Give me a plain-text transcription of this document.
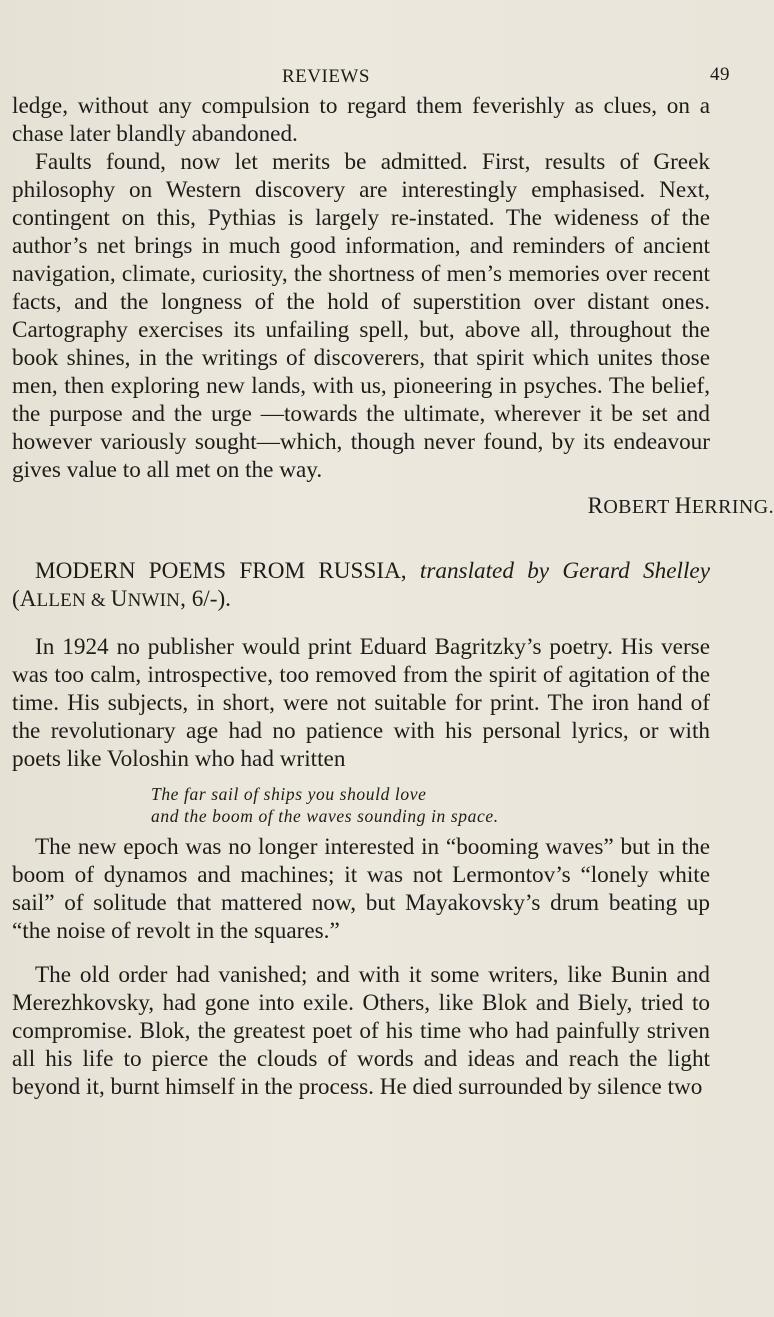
REVIEWS	49

ledge, without any compulsion to regard them feverishly as clues, on a chase later blandly abandoned.

Faults found, now let merits be admitted. First, results of Greek philosophy on Western discovery are interestingly emphasised. Next, contingent on this, Pythias is largely re-instated. The wideness of the author’s net brings in much good information, and reminders of ancient navigation, climate, curiosity, the shortness of men’s memories over recent facts, and the longness of the hold of superstition over distant ones. Cartography exercises its unfailing spell, but, above all, throughout the book shines, in the writings of discoverers, that spirit which unites those men, then exploring new lands, with us, pioneering in psyches. The belief, the purpose and the urge —towards the ultimate, wherever it be set and however variously sought—which, though never found, by its endeavour gives value to all met on the way.

ROBERT HERRING.
MODERN POEMS FROM RUSSIA, translated by Gerard Shelley (ALLEN & UNWIN, 6/-).

In 1924 no publisher would print Eduard Bagritzky’s poetry. His verse was too calm, introspective, too removed from the spirit of agitation of the time. His subjects, in short, were not suitable for print. The iron hand of the revolutionary age had no patience with his personal lyrics, or with poets like Voloshin who had written

The far sail of ships you should love
and the boom of the waves sounding in space.

The new epoch was no longer interested in “booming waves” but in the boom of dynamos and machines; it was not Lermontov’s “lonely white sail” of solitude that mattered now, but Mayakovsky’s drum beating up “the noise of revolt in the squares.”

The old order had vanished; and with it some writers, like Bunin and Merezhkovsky, had gone into exile. Others, like Blok and Biely, tried to compromise. Blok, the greatest poet of his time who had painfully striven all his life to pierce the clouds of words and ideas and reach the light beyond it, burnt himself in the process. He died surrounded by silence two
